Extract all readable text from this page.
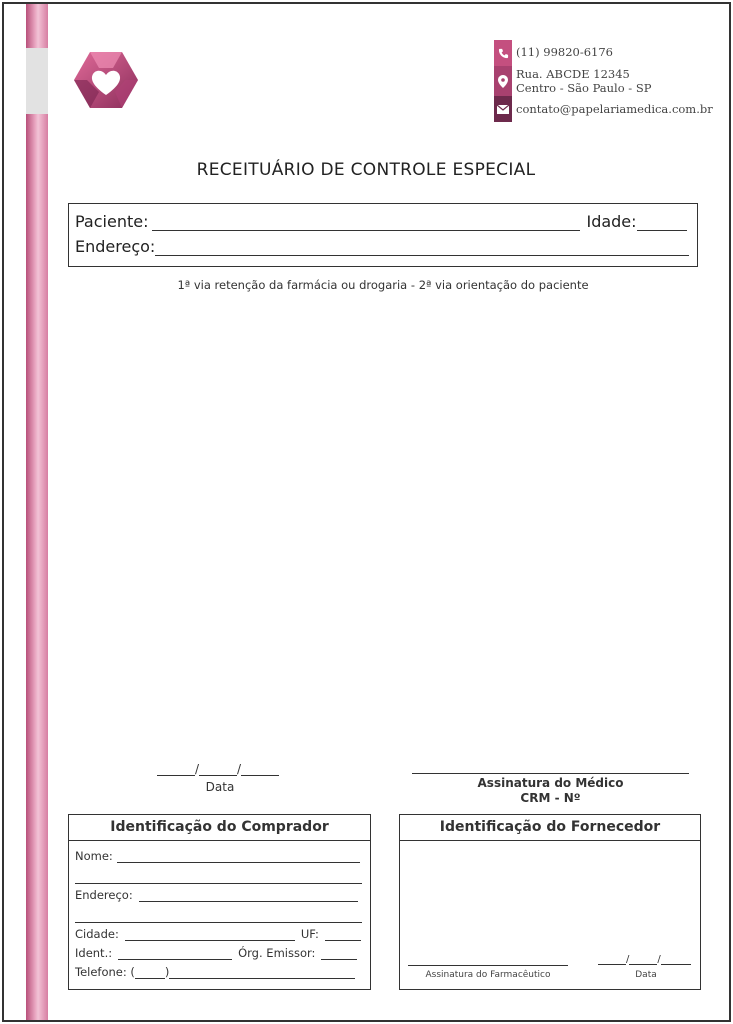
(11) 99820-6176
Rua. ABCDE 12345
Centro - São Paulo - SP
contato@papelariamedica.com.br
RECEITUÁRIO DE CONTROLE ESPECIAL
Paciente:	Idade:
Endereço:
1ª via retenção da farmácia ou drogaria - 2ª via orientação do paciente
/	/
Data	Assinatura do Médico
CRM - Nº
Identificação do Comprador
Nome:
Endereço:
Cidade:	UF:
Ident.:	Órg. Emissor:
Telefone: (	)
Identificação do Fornecedor
Assinatura do Farmacêutico
/	/
Data
